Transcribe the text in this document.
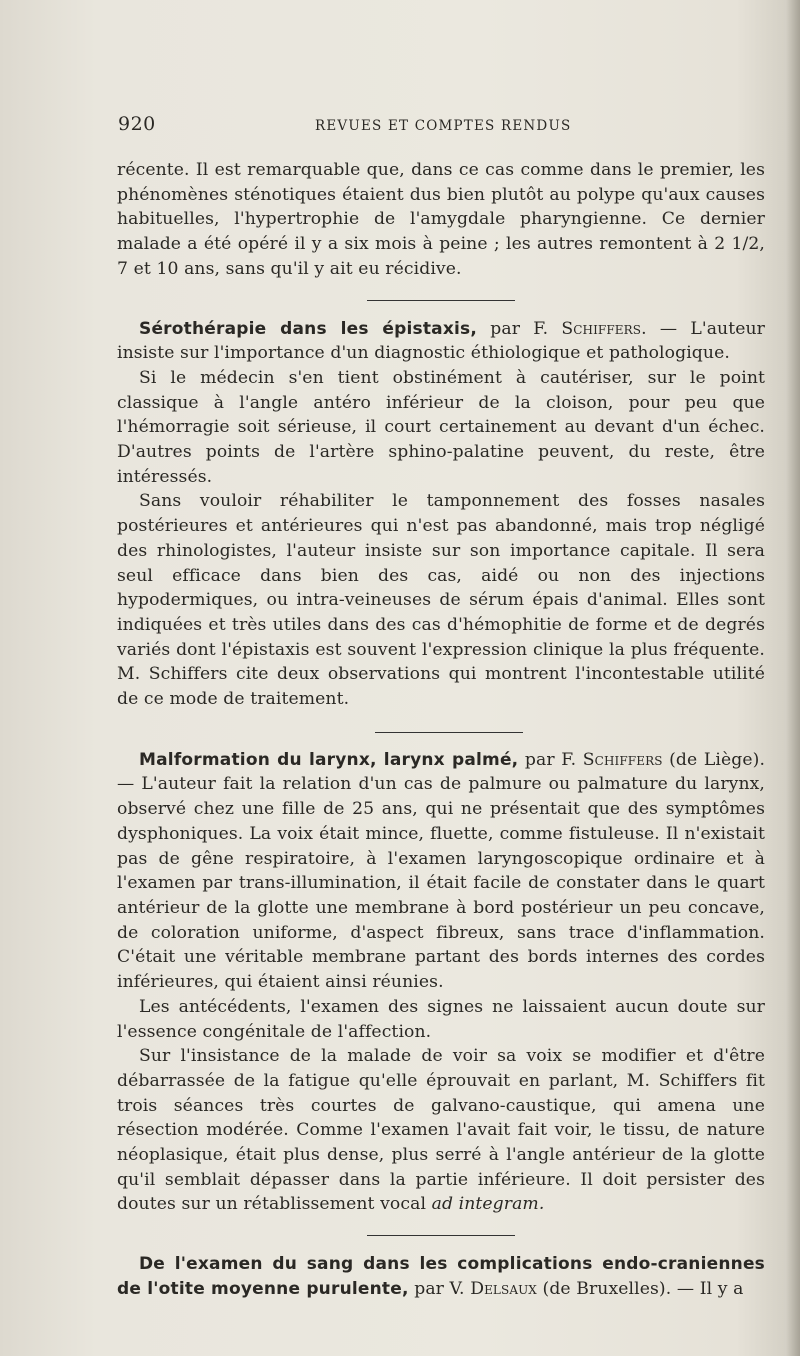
920	REVUES ET COMPTES RENDUS

récente. Il est remarquable que, dans ce cas comme dans le premier, les phénomènes sténotiques étaient dus bien plutôt au polype qu'aux causes habituelles, l'hypertrophie de l'amygdale pharyngienne. Ce dernier malade a été opéré il y a six mois à peine ; les autres remontent à 2 1/2, 7 et 10 ans, sans qu'il y ait eu récidive.

Sérothérapie dans les épistaxis, par F. Schiffers. — L'auteur insiste sur l'importance d'un diagnostic éthiologique et pathologique.

Si le médecin s'en tient obstinément à cautériser, sur le point classique à l'angle antéro inférieur de la cloison, pour peu que l'hémorragie soit sérieuse, il court certainement au devant d'un échec. D'autres points de l'artère sphino-palatine peuvent, du reste, être intéressés.

Sans vouloir réhabiliter le tamponnement des fosses nasales postérieures et antérieures qui n'est pas abandonné, mais trop négligé des rhinologistes, l'auteur insiste sur son importance capitale. Il sera seul efficace dans bien des cas, aidé ou non des injections hypodermiques, ou intra-veineuses de sérum épais d'animal. Elles sont indiquées et très utiles dans des cas d'hémophitie de forme et de degrés variés dont l'épistaxis est souvent l'expression clinique la plus fréquente. M. Schiffers cite deux observations qui montrent l'incontestable utilité de ce mode de traitement.

Malformation du larynx, larynx palmé, par F. Schiffers (de Liège). — L'auteur fait la relation d'un cas de palmure ou palmature du larynx, observé chez une fille de 25 ans, qui ne présentait que des symptômes dysphoniques. La voix était mince, fluette, comme fistuleuse. Il n'existait pas de gêne respiratoire, à l'examen laryngoscopique ordinaire et à l'examen par trans-illumination, il était facile de constater dans le quart antérieur de la glotte une membrane à bord postérieur un peu concave, de coloration uniforme, d'aspect fibreux, sans trace d'inflammation. C'était une véritable membrane partant des bords internes des cordes inférieures, qui étaient ainsi réunies.

Les antécédents, l'examen des signes ne laissaient aucun doute sur l'essence congénitale de l'affection.

Sur l'insistance de la malade de voir sa voix se modifier et d'être débarrassée de la fatigue qu'elle éprouvait en parlant, M. Schiffers fit trois séances très courtes de galvano-caustique, qui amena une résection modérée. Comme l'examen l'avait fait voir, le tissu, de nature néoplasique, était plus dense, plus serré à l'angle antérieur de la glotte qu'il semblait dépasser dans la partie inférieure. Il doit persister des doutes sur un rétablissement vocal ad integram.

De l'examen du sang dans les complications endo-craniennes de l'otite moyenne purulente, par V. Delsaux (de Bruxelles). — Il y a
